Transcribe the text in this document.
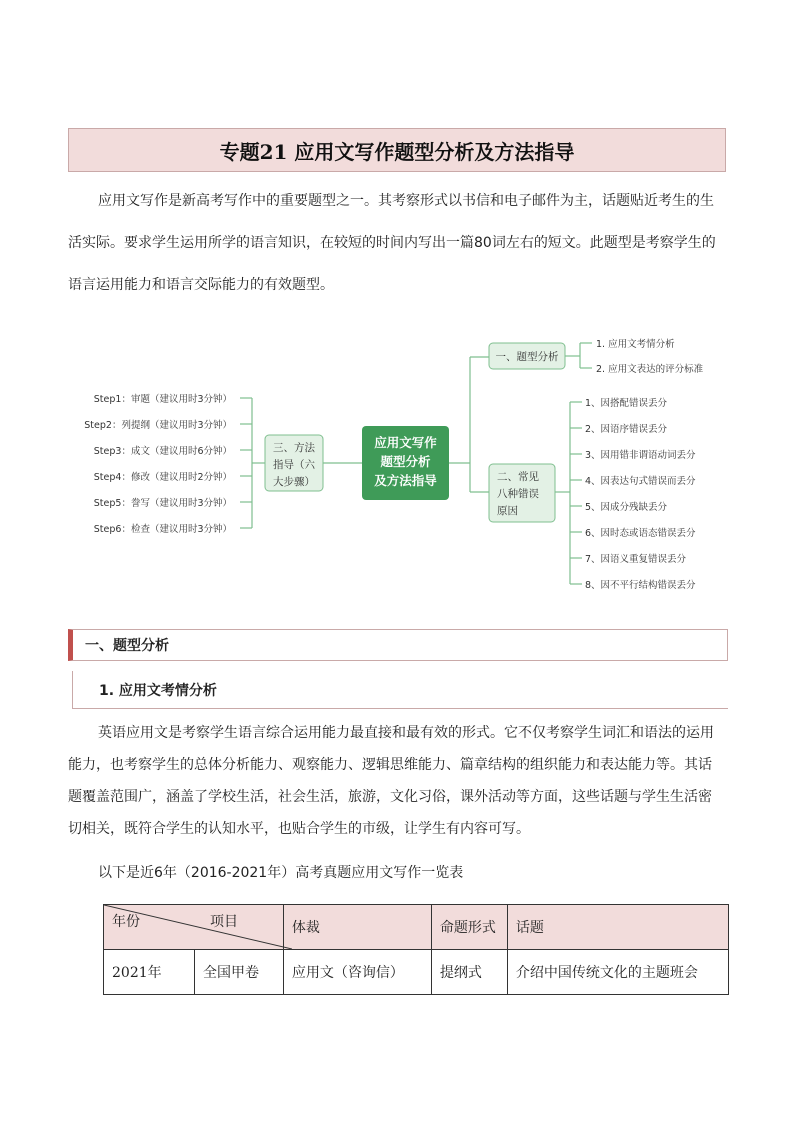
专题21 应用文写作题型分析及方法指导
应用文写作是新高考写作中的重要题型之一。其考察形式以书信和电子邮件为主，话题贴近考生的生活实际。要求学生运用所学的语言知识，在较短的时间内写出一篇80词左右的短文。此题型是考察学生的语言运用能力和语言交际能力的有效题型。
应用文写作
题型分析
及方法指导
三、方法
指导（六
大步骤）
Step1：审题（建议用时3分钟）
Step2：列提纲（建议用时3分钟）
Step3：成文（建议用时6分钟）
Step4：修改（建议用时2分钟）
Step5：誊写（建议用时3分钟）
Step6：检查（建议用时3分钟）
一、题型分析
1. 应用文考情分析
2. 应用文表达的评分标准
二、常见
八种错误
原因
1、因搭配错误丢分
2、因语序错误丢分
3、因用错非谓语动词丢分
4、因表达句式错误而丢分
5、因成分残缺丢分
6、因时态或语态错误丢分
7、因语义重复错误丢分
8、因不平行结构错误丢分
一、题型分析
1. 应用文考情分析
英语应用文是考察学生语言综合运用能力最直接和最有效的形式。它不仅考察学生词汇和语法的运用能力，也考察学生的总体分析能力、观察能力、逻辑思维能力、篇章结构的组织能力和表达能力等。其话题覆盖范围广，涵盖了学校生活，社会生活，旅游，文化习俗，课外活动等方面，这些话题与学生生活密切相关，既符合学生的认知水平，也贴合学生的市级，让学生有内容可写。
以下是近6年（2016-2021年）高考真题应用文写作一览表
年份 项目		体裁	命题形式	话题
2021年	全国甲卷	应用文（咨询信）	提纲式	介绍中国传统文化的主题班会
